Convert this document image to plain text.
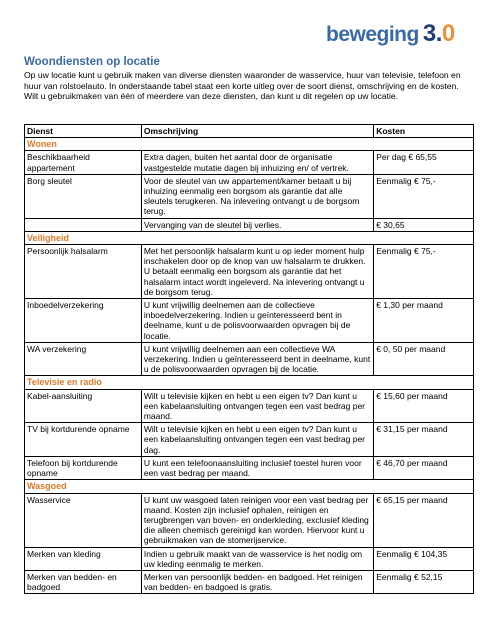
beweging 3.0
Woondiensten op locatie

Op uw locatie kunt u gebruik maken van diverse diensten waaronder de wasservice, huur van televisie, telefoon en huur van rolstoelauto. In onderstaande tabel staat een korte uitleg over de soort dienst, omschrijving en de kosten. Wilt u gebruikmaken van één of meerdere van deze diensten, dan kunt u dit regelen op uw locatie.

Dienst	Omschrijving	Kosten
Wonen		
Beschikbaarheid appartement	Extra dagen, buiten het aantal door de organisatie vastgestelde mutatie dagen bij inhuizing en/ of vertrek.	Per dag € 65,55
Borg sleutel	Voor de sleutel van uw appartement/kamer betaalt u bij inhuizing eenmalig een borgsom als garantie dat alle sleutels terugkeren. Na inlevering ontvangt u de borgsom terug.	Eenmalig € 75,-
	Vervanging van de sleutel bij verlies.	€ 30,65
Veiligheid		
Persoonlijk halsalarm	Met het persoonlijk halsalarm kunt u op ieder moment hulp inschakelen door op de knop van uw halsalarm te drukken. U betaalt eenmalig een borgsom als garantie dat het halsalarm intact wordt ingeleverd. Na inlevering ontvangt u de borgsom terug.	Eenmalig € 75,-
Inboedelverzekering	U kunt vrijwillig deelnemen aan de collectieve inboedelverzekering. Indien u geïnteresseerd bent in deelname, kunt u de polisvoorwaarden opvragen bij de locatie.	€ 1,30 per maand
WA verzekering	U kunt vrijwillig deelnemen aan een collectieve WA verzekering. Indien u geïnteresseerd bent in deelname, kunt u de polisvoorwaarden opvragen bij de locatie.	€ 0, 50 per maand
Televisie en radio		
Kabel-aansluiting	Wilt u televisie kijken en hebt u een eigen tv? Dan kunt u een kabelaansluiting ontvangen tegen een vast bedrag per maand.	€ 15,60 per maand
TV bij kortdurende opname	Wilt u televisie kijken en hebt u een eigen tv? Dan kunt u een kabelaansluiting ontvangen tegen een vast bedrag per dag.	€ 31,15 per maand
Telefoon bij kortdurende opname	U kunt een telefoonaansluiting inclusief toestel huren voor een vast bedrag per maand.	€ 46,70 per maand
Wasgoed		
Wasservice	U kunt uw wasgoed laten reinigen voor een vast bedrag per maand. Kosten zijn inclusief ophalen, reinigen en terugbrengen van boven- en onderkleding, exclusief kleding die alleen chemisch gereinigd kan worden. Hiervoor kunt u gebruikmaken van de stomerijservice.	€ 65,15 per maand
Merken van kleding	Indien u gebruik maakt van de wasservice is het nodig om uw kleding eenmalig te merken.	Eenmalig € 104,35
Merken van bedden- en badgoed	Merken van persoonlijk bedden- en badgoed. Het reinigen van bedden- en badgoed is gratis.	Eenmalig € 52,15
